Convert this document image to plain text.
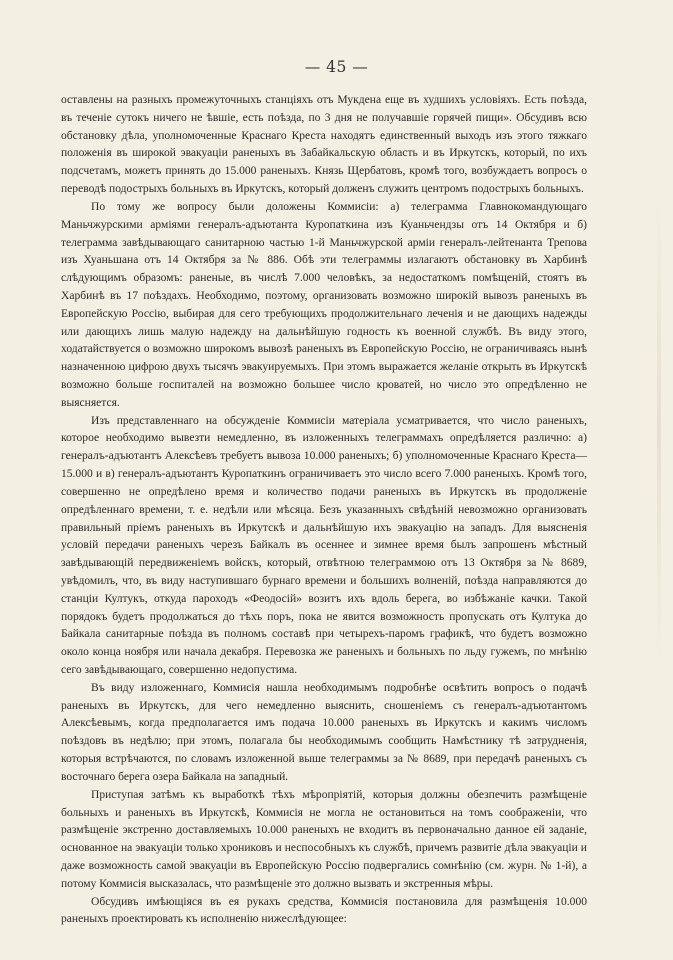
— 45 —

оставлены на разныхъ промежуточныхъ станціяхъ отъ Мукдена еще въ худшихъ условіяхъ. Есть поѣзда, въ теченіе сутокъ ничего не ѣвшіе, есть поѣзда, по 3 дня не получавшіе горячей пищи». Обсудивъ всю обстановку дѣла, уполномоченные Краснаго Креста находятъ единственный выходъ изъ этого тяжкаго положенія въ широкой эвакуаціи раненыхъ въ Забайкальскую область и въ Иркутскъ, который, по ихъ подсчетамъ, можетъ принять до 15.000 раненыхъ. Князь Щербатовъ, кромѣ того, возбуждаетъ вопросъ о переводѣ подострыхъ больныхъ въ Иркутскъ, который долженъ служить центромъ подострыхъ больныхъ.

По тому же вопросу были доложены Коммисіи: а) телеграмма Главнокомандующаго Маньчжурскими арміями генералъ-адъютанта Куропаткина изъ Куаньчендзы отъ 14 Октября и б) телеграмма завѣдывающаго санитарною частью 1-й Маньчжурской арміи генералъ-лейтенанта Трепова изъ Хуаньшана отъ 14 Октября за № 886. Обѣ эти телеграммы излагаютъ обстановку въ Харбинѣ слѣдующимъ образомъ: раненые, въ числѣ 7.000 человѣкъ, за недостаткомъ помѣщеній, стоятъ въ Харбинѣ въ 17 поѣздахъ. Необходимо, поэтому, организовать возможно широкій вывозъ раненыхъ въ Европейскую Россію, выбирая для сего требующихъ продолжительнаго леченія и не дающихъ надежды или дающихъ лишь малую надежду на дальнѣйшую годность къ военной службѣ. Въ виду этого, ходатайствуется о возможно широкомъ вывозѣ раненыхъ въ Европейскую Россію, не ограничиваясь нынѣ назначенною цифрою двухъ тысячъ эвакуируемыхъ. При этомъ выражается желаніе открыть въ Иркутскѣ возможно больше госпиталей на возможно большее число кроватей, но число это опредѣленно не выясняется.

Изъ представленнаго на обсужденіе Коммисіи матеріала усматривается, что число раненыхъ, которое необходимо вывезти немедленно, въ изложенныхъ телеграммахъ опредѣляется различно: а) генералъ-адъютантъ Алексѣевъ требуетъ вывоза 10.000 раненыхъ; б) уполномоченные Краснаго Креста—15.000 и в) генералъ-адъютантъ Куропаткинъ ограничиваетъ это число всего 7.000 раненыхъ. Кромѣ того, совершенно не опредѣлено время и количество подачи раненыхъ въ Иркутскъ въ продолженіе опредѣленнаго времени, т. е. недѣли или мѣсяца. Безъ указанныхъ свѣдѣній невозможно организовать правильный пріемъ раненыхъ въ Иркутскѣ и дальнѣйшую ихъ эвакуацію на западъ. Для выясненія условій передачи раненыхъ черезъ Байкалъ въ осеннее и зимнее время былъ запрошенъ мѣстный завѣдывающій передвиженіемъ войскъ, который, отвѣтною телеграммою отъ 13 Октября за № 8689, увѣдомилъ, что, въ виду наступившаго бурнаго времени и большихъ волненій, поѣзда направляются до станціи Култукъ, откуда пароходъ «Феодосій» возитъ ихъ вдоль берега, во избѣжаніе качки. Такой порядокъ будетъ продолжаться до тѣхъ поръ, пока не явится возможность пропускать отъ Култука до Байкала санитарные поѣзда въ полномъ составѣ при четырехъ-паромъ графикѣ, что будетъ возможно около конца ноября или начала декабря. Перевозка же раненыхъ и больныхъ по льду гужемъ, по мнѣнію сего завѣдывающаго, совершенно недопустима.

Въ виду изложеннаго, Коммисія нашла необходимымъ подробнѣе освѣтить вопросъ о подачѣ раненыхъ въ Иркутскъ, для чего немедленно выяснить, сношеніемъ съ генералъ-адъютантомъ Алексѣевымъ, когда предполагается имъ подача 10.000 раненыхъ въ Иркутскъ и какимъ числомъ поѣздовъ въ недѣлю; при этомъ, полагала бы необходимымъ сообщить Намѣстнику тѣ затрудненія, которыя встрѣчаются, по словамъ изложенной выше телеграммы за № 8689, при передачѣ раненыхъ съ восточнаго берега озера Байкала на западный.

Приступая затѣмъ къ выработкѣ тѣхъ мѣропріятій, которыя должны обезпечить размѣщеніе больныхъ и раненыхъ въ Иркутскѣ, Коммисія не могла не остановиться на томъ соображеніи, что размѣщеніе экстренно доставляемыхъ 10.000 раненыхъ не входитъ въ первоначально данное ей заданіе, основанное на эвакуаціи только хрониковъ и неспособныхъ къ службѣ, причемъ развитіе дѣла эвакуаціи и даже возможность самой эвакуаціи въ Европейскую Россію подвергались сомнѣнію (см. журн. № 1-й), а потому Коммисія высказалась, что размѣщеніе это должно вызвать и экстренныя мѣры.

Обсудивъ имѣющіяся въ ея рукахъ средства, Коммисія постановила для размѣщенія 10.000 раненыхъ проектировать къ исполненію нижеслѣдующее:
